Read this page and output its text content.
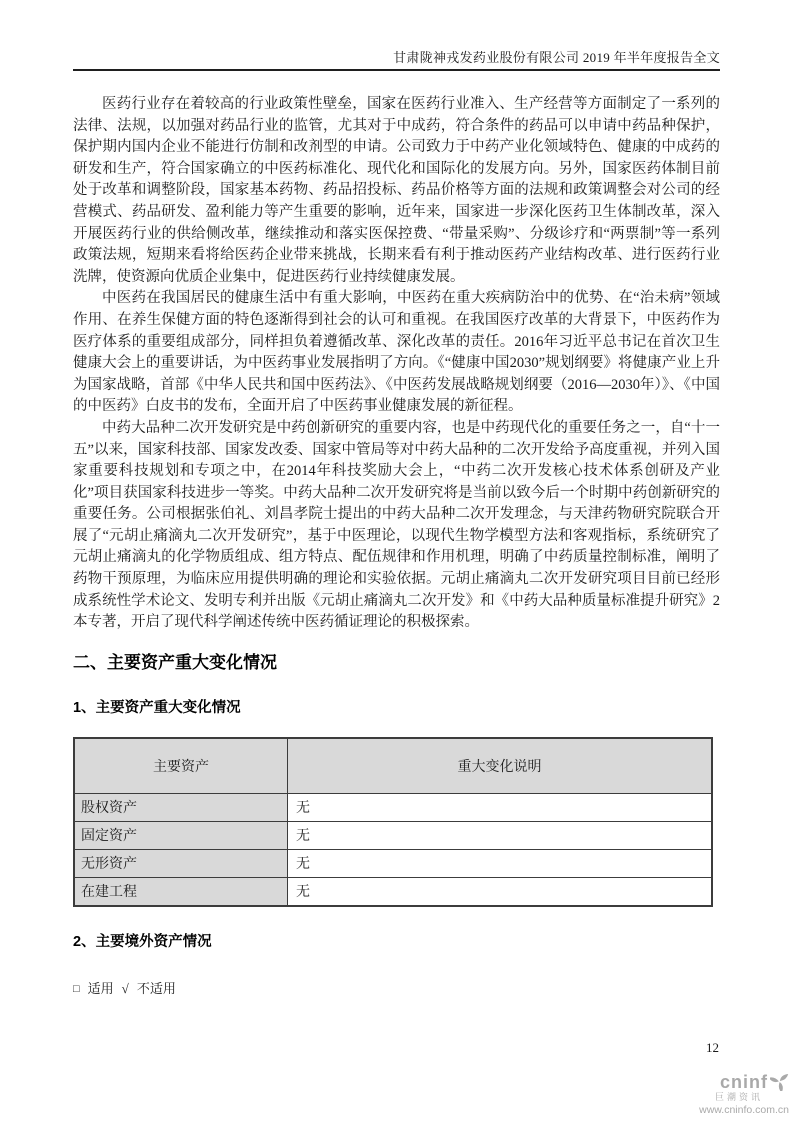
甘肃陇神戎发药业股份有限公司 2019 年半年度报告全文

医药行业存在着较高的行业政策性壁垒，国家在医药行业准入、生产经营等方面制定了一系列的法律、法规，以加强对药品行业的监管，尤其对于中成药，符合条件的药品可以申请中药品种保护，保护期内国内企业不能进行仿制和改剂型的申请。公司致力于中药产业化领域特色、健康的中成药的研发和生产，符合国家确立的中医药标准化、现代化和国际化的发展方向。另外，国家医药体制目前处于改革和调整阶段，国家基本药物、药品招投标、药品价格等方面的法规和政策调整会对公司的经营模式、药品研发、盈利能力等产生重要的影响，近年来，国家进一步深化医药卫生体制改革，深入开展医药行业的供给侧改革，继续推动和落实医保控费、“带量采购”、分级诊疗和“两票制”等一系列政策法规，短期来看将给医药企业带来挑战，长期来看有利于推动医药产业结构改革、进行医药行业洗牌，使资源向优质企业集中，促进医药行业持续健康发展。

中医药在我国居民的健康生活中有重大影响，中医药在重大疾病防治中的优势、在“治未病”领域作用、在养生保健方面的特色逐渐得到社会的认可和重视。在我国医疗改革的大背景下，中医药作为医疗体系的重要组成部分，同样担负着遵循改革、深化改革的责任。2016年习近平总书记在首次卫生健康大会上的重要讲话，为中医药事业发展指明了方向。《“健康中国2030”规划纲要》将健康产业上升为国家战略，首部《中华人民共和国中医药法》、《中医药发展战略规划纲要（2016—2030年）》、《中国的中医药》白皮书的发布，全面开启了中医药事业健康发展的新征程。

中药大品种二次开发研究是中药创新研究的重要内容，也是中药现代化的重要任务之一，自“十一五”以来，国家科技部、国家发改委、国家中管局等对中药大品种的二次开发给予高度重视，并列入国家重要科技规划和专项之中，在2014年科技奖励大会上，“中药二次开发核心技术体系创研及产业化”项目获国家科技进步一等奖。中药大品种二次开发研究将是当前以致今后一个时期中药创新研究的重要任务。公司根据张伯礼、刘昌孝院士提出的中药大品种二次开发理念，与天津药物研究院联合开展了“元胡止痛滴丸二次开发研究”，基于中医理论，以现代生物学模型方法和客观指标，系统研究了元胡止痛滴丸的化学物质组成、组方特点、配伍规律和作用机理，明确了中药质量控制标准，阐明了药物干预原理，为临床应用提供明确的理论和实验依据。元胡止痛滴丸二次开发研究项目目前已经形成系统性学术论文、发明专利并出版《元胡止痛滴丸二次开发》和《中药大品种质量标准提升研究》2本专著，开启了现代科学阐述传统中医药循证理论的积极探索。

二、主要资产重大变化情况
1、主要资产重大变化情况
主要资产	重大变化说明
股权资产	无
固定资产	无
无形资产	无
在建工程	无
2、主要境外资产情况
□ 适用 √ 不适用
12
cninf
巨潮资讯
www.cninfo.com.cn
